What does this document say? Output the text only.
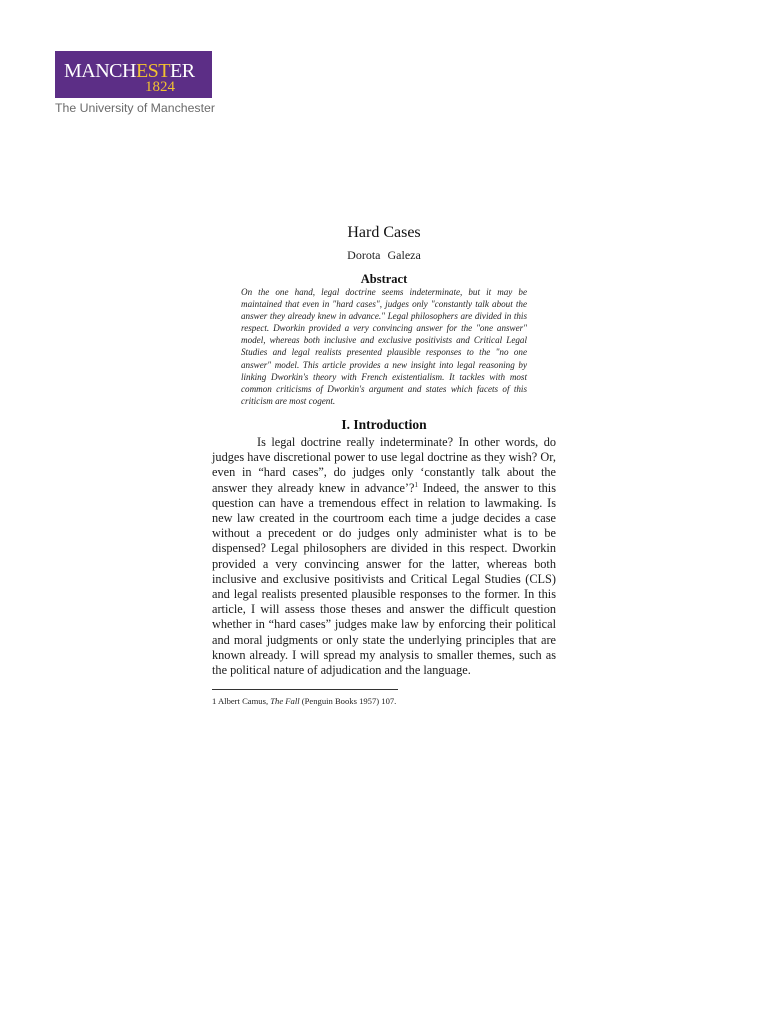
MANCHESTER
1824
The University of Manchester
Hard Cases
Dorota Galeza
Abstract

On the one hand, legal doctrine seems indeterminate, but it may be maintained that even in "hard cases", judges only "constantly talk about the answer they already knew in advance." Legal philosophers are divided in this respect. Dworkin provided a very convincing answer for the "one answer" model, whereas both inclusive and exclusive positivists and Critical Legal Studies and legal realists presented plausible responses to the "no one answer" model. This article provides a new insight into legal reasoning by linking Dworkin's theory with French existentialism. It tackles with most common criticisms of Dworkin's argument and states which facets of this criticism are most cogent.

I. Introduction

Is legal doctrine really indeterminate? In other words, do judges have discretional power to use legal doctrine as they wish? Or, even in “hard cases”, do judges only ‘constantly talk about the answer they already knew in advance’?$^1$ Indeed, the answer to this question can have a tremendous effect in relation to lawmaking. Is new law created in the courtroom each time a judge decides a case without a precedent or do judges only administer what is to be dispensed? Legal philosophers are divided in this respect. Dworkin provided a very convincing answer for the latter, whereas both inclusive and exclusive positivists and Critical Legal Studies (CLS) and legal realists presented plausible responses to the former. In this article, I will assess those theses and answer the difficult question whether in “hard cases” judges make law by enforcing their political and moral judgments or only state the underlying principles that are known already. I will spread my analysis to smaller themes, such as the political nature of adjudication and the language.

1 Albert Camus, The Fall (Penguin Books 1957) 107.
